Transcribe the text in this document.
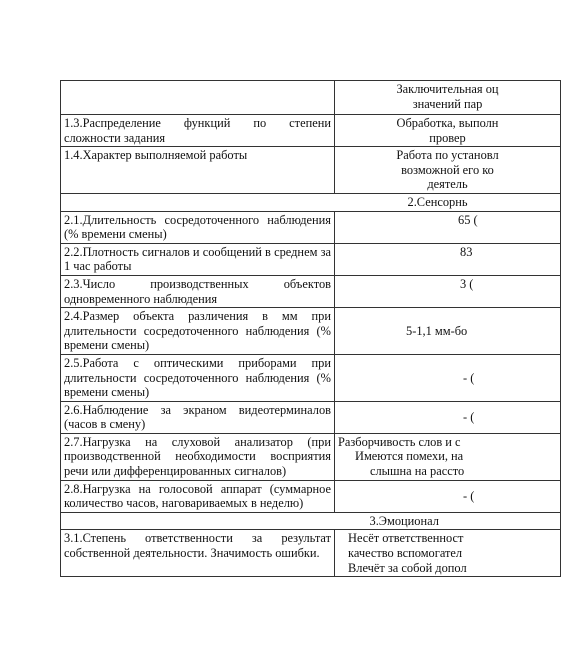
	Заключительная оц
значений пар

1.3.Распределение функций по степени сложности задания	Обработка, выполн
провер

1.4.Характер выполняемой работы	Работа по установл
возможной его ко
деятель

	2.Сенсорнь

2.1.Длительность сосредоточенного наблюдения (% времени смены)	65 (

2.2.Плотность сигналов и сообщений в среднем за 1 час работы	83

2.3.Число производственных объектов одновременного наблюдения	3 (

2.4.Размер объекта различения в мм при длительности сосредоточенного наблюдения (% времени смены)	5-1,1 мм-бо

2.5.Работа с оптическими приборами при длительности сосредоточенного наблюдения (% времени смены)	- (

2.6.Наблюдение за экраном видеотерминалов (часов в смену)	- (

2.7.Нагрузка на слуховой анализатор (при производственной необходимости восприятия речи или дифференцированных сигналов)	Разборчивость слов и с
Имеются помехи, на
слышна на рассто

2.8.Нагрузка на голосовой аппарат (суммарное количество часов, наговариваемых в неделю)	- (

	3.Эмоционал

3.1.Степень ответственности за результат собственной деятельности. Значимость ошибки.	Несёт ответственност
качество вспомогател
Влечёт за собой допол
